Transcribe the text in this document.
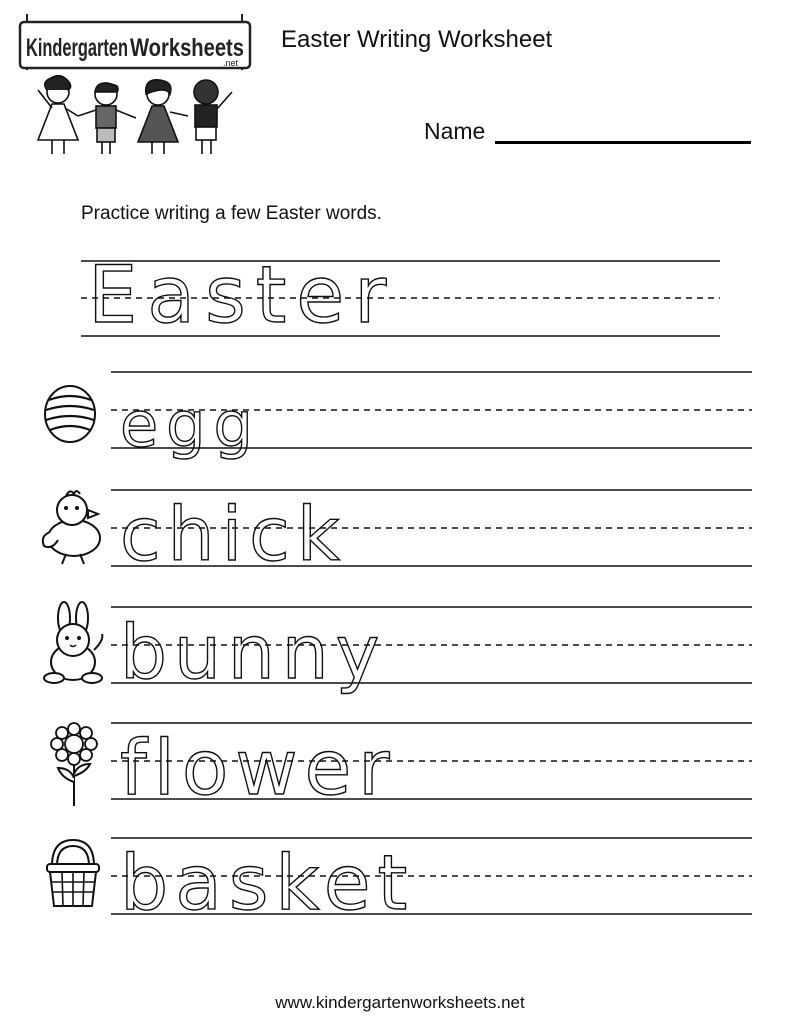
Kindergarten Worksheets
.net
Easter Writing Worksheet
Name
Practice writing a few Easter words.
Easter
egg
chick
bunny
flower
basket
www.kindergartenworksheets.net
